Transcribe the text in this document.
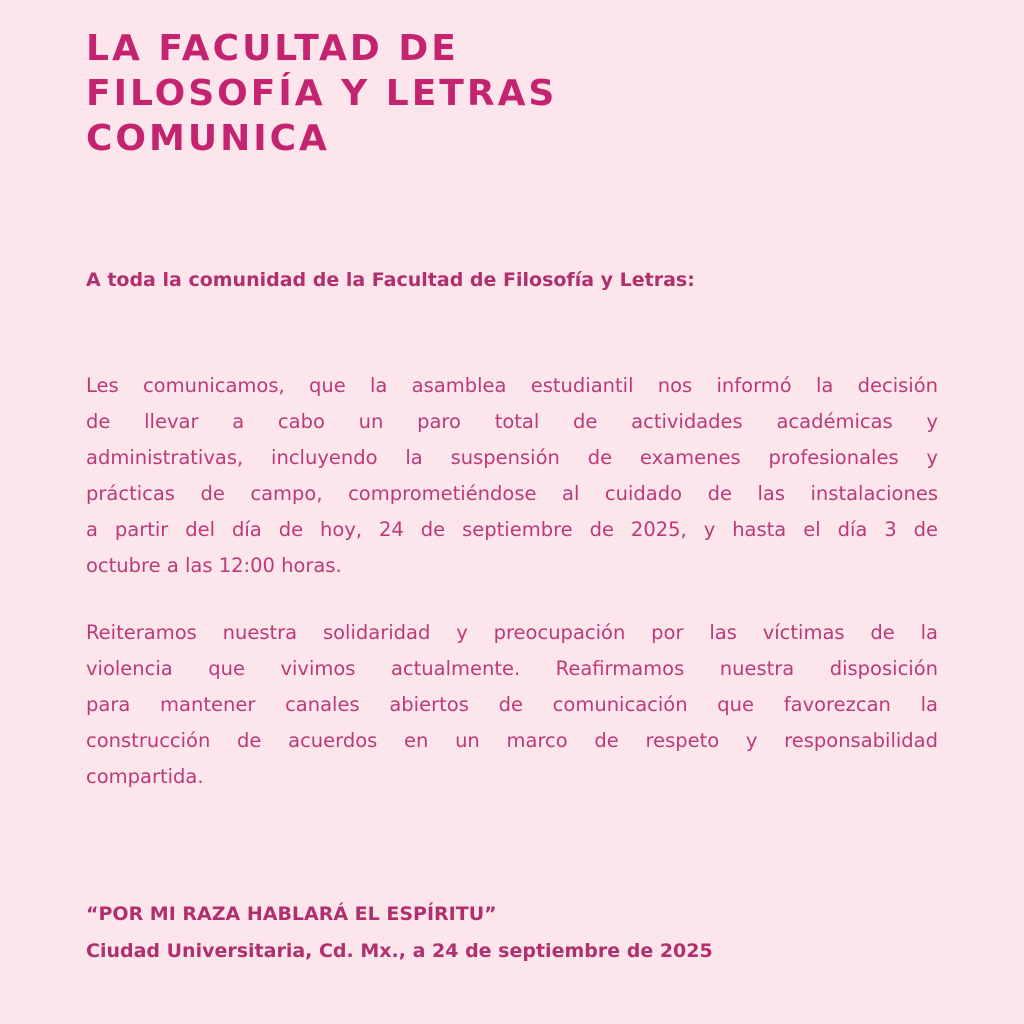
LA FACULTAD DE
FILOSOFÍA Y LETRAS
COMUNICA

A toda la comunidad de la Facultad de Filosofía y Letras:

Les comunicamos, que la asamblea estudiantil nos informó la decisión
de llevar a cabo un paro total de actividades académicas y
administrativas, incluyendo la suspensión de examenes profesionales y
prácticas de campo, comprometiéndose al cuidado de las instalaciones
a partir del día de hoy, 24 de septiembre de 2025, y hasta el día 3 de
octubre a las 12:00 horas.
Reiteramos nuestra solidaridad y preocupación por las víctimas de la
violencia que vivimos actualmente. Reafirmamos nuestra disposición
para mantener canales abiertos de comunicación que favorezcan la
construcción de acuerdos en un marco de respeto y responsabilidad
compartida.
“POR MI RAZA HABLARÁ EL ESPÍRITU”
Ciudad Universitaria, Cd. Mx., a 24 de septiembre de 2025
